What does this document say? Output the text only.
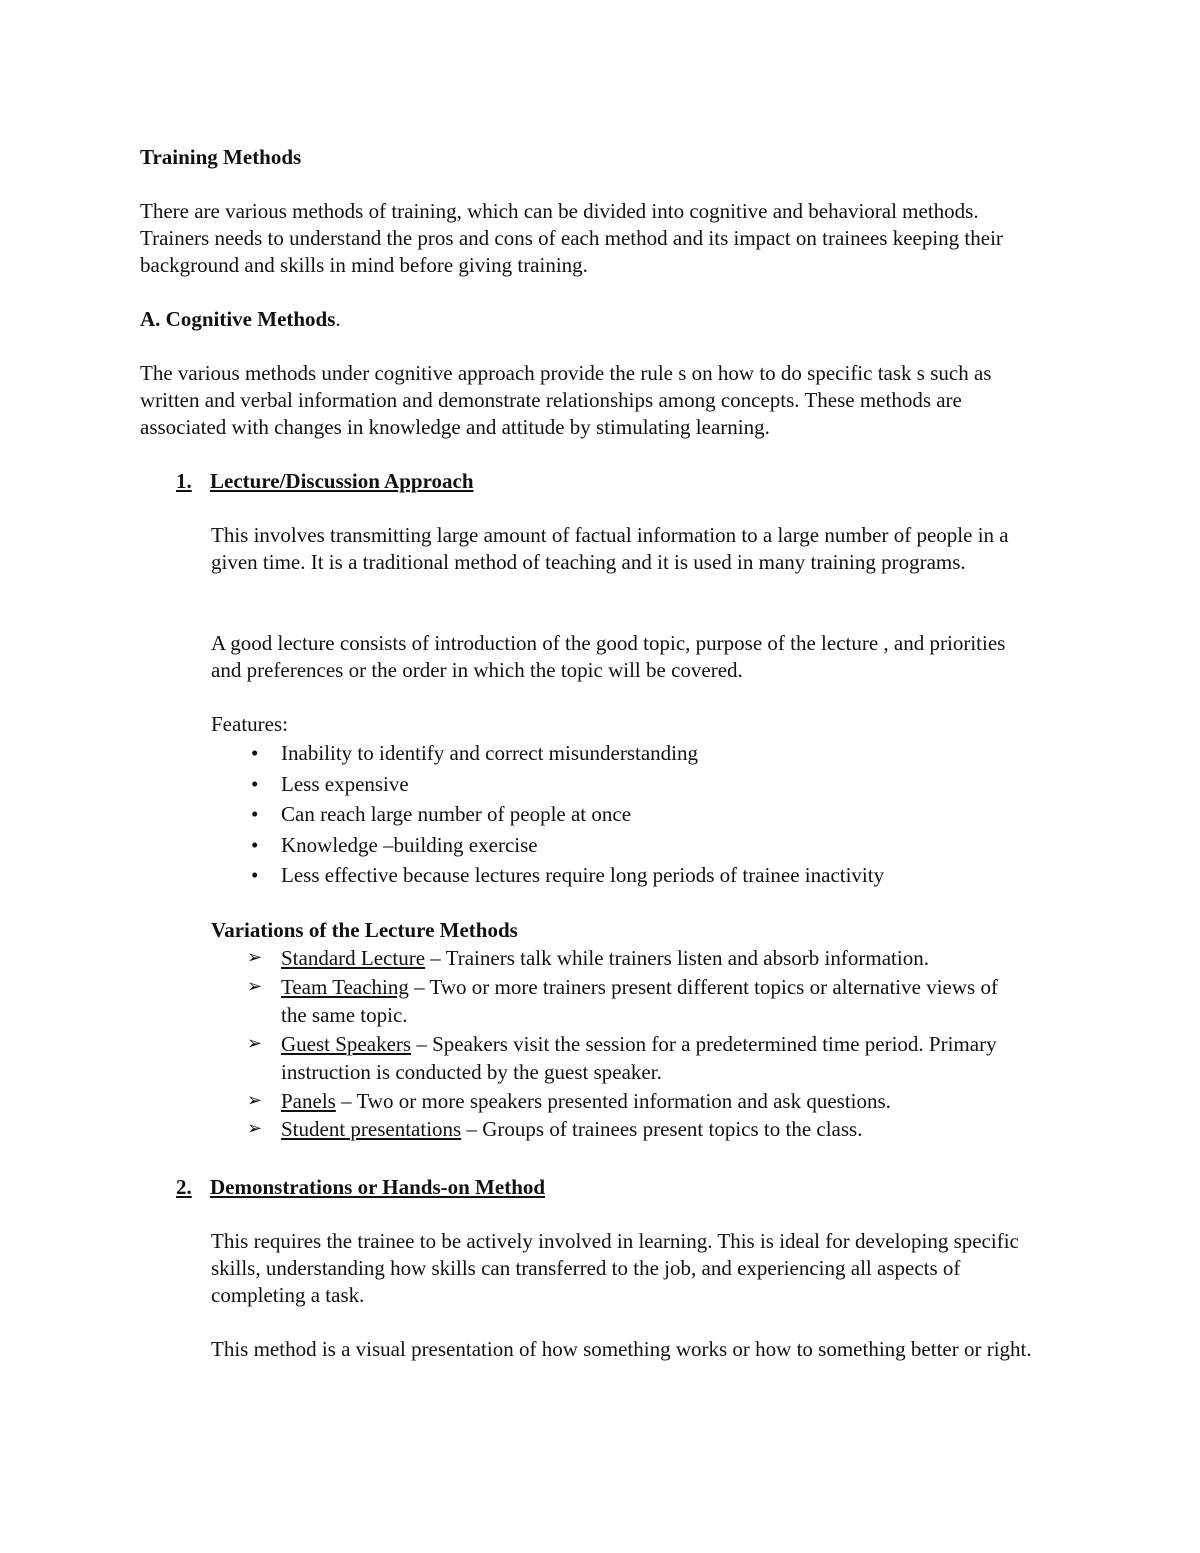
Training Methods
There are various methods of training, which can be divided into cognitive and behavioral methods. Trainers needs to understand the pros and cons of each method and its impact on trainees keeping their background and skills in mind before giving training.
A. Cognitive Methods.
The various methods under cognitive approach provide the rule s on how to do specific task s such as written and verbal information and demonstrate relationships among concepts. These methods are associated with changes in knowledge and attitude by stimulating learning.
1. Lecture/Discussion Approach
This involves transmitting large amount of factual information to a large number of people in a given time. It is a traditional method of teaching and it is used in many training programs.
A good lecture consists of introduction of the good topic, purpose of the lecture , and priorities and preferences or the order in which the topic will be covered.
Features:
• Inability to identify and correct misunderstanding
• Less expensive
• Can reach large number of people at once
• Knowledge –building exercise
• Less effective because lectures require long periods of trainee inactivity
Variations of the Lecture Methods
➢ Standard Lecture – Trainers talk while trainers listen and absorb information.
➢ Team Teaching – Two or more trainers present different topics or alternative views of the same topic.
➢ Guest Speakers – Speakers visit the session for a predetermined time period. Primary instruction is conducted by the guest speaker.
➢ Panels – Two or more speakers presented information and ask questions.
➢ Student presentations – Groups of trainees present topics to the class.
2. Demonstrations or Hands-on Method
This requires the trainee to be actively involved in learning. This is ideal for developing specific skills, understanding how skills can transferred to the job, and experiencing all aspects of completing a task.
This method is a visual presentation of how something works or how to something better or right.
